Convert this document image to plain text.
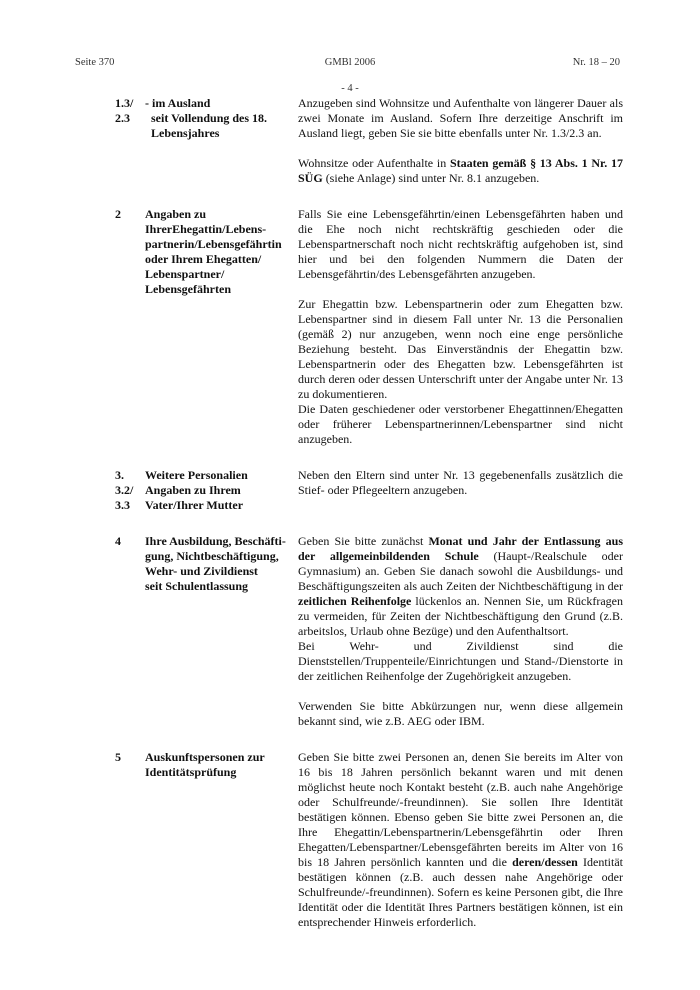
Seite 370	GMBl 2006	Nr. 18 – 20
- 4 -
1.3/
2.3
- im Ausland
seit Vollendung des 18.
Lebensjahres

Anzugeben sind Wohnsitze und Aufenthalte von längerer Dauer als zwei Monate im Ausland. Sofern Ihre derzeitige Anschrift im Ausland liegt, geben Sie sie bitte ebenfalls unter Nr. 1.3/2.3 an.

Wohnsitze oder Aufenthalte in Staaten gemäß § 13 Abs. 1 Nr. 17 SÜG (siehe Anlage) sind unter Nr. 8.1 anzugeben.

2	Angaben zu
IhrerEhegattin/Lebens-
partnerin/Lebensgefährtin
oder Ihrem Ehegatten/
Lebenspartner/
Lebensgefährten

Falls Sie eine Lebensgefährtin/einen Lebensgefährten haben und die Ehe noch nicht rechtskräftig geschieden oder die Lebenspartnerschaft noch nicht rechtskräftig aufgehoben ist, sind hier und bei den folgenden Nummern die Daten der Lebensgefährtin/des Lebensgefährten anzugeben.

Zur Ehegattin bzw. Lebenspartnerin oder zum Ehegatten bzw. Lebenspartner sind in diesem Fall unter Nr. 13 die Personalien (gemäß 2) nur anzugeben, wenn noch eine enge persönliche Beziehung besteht. Das Einverständnis der Ehegattin bzw. Lebenspartnerin oder des Ehegatten bzw. Lebensgefährten ist durch deren oder dessen Unterschrift unter der Angabe unter Nr. 13 zu dokumentieren.
Die Daten geschiedener oder verstorbener Ehegattinnen/Ehegatten oder früherer Lebenspartnerinnen/Lebenspartner sind nicht anzugeben.

3.
3.2/
3.3
Weitere Personalien
Angaben zu Ihrem
Vater/Ihrer Mutter

Neben den Eltern sind unter Nr. 13 gegebenenfalls zusätzlich die Stief- oder Pflegeeltern anzugeben.

4	Ihre Ausbildung, Beschäfti-
gung, Nichtbeschäftigung,
Wehr- und Zivildienst
seit Schulentlassung

Geben Sie bitte zunächst Monat und Jahr der Entlassung aus der allgemeinbildenden Schule (Haupt-/Realschule oder Gymnasium) an. Geben Sie danach sowohl die Ausbildungs- und Beschäftigungszeiten als auch Zeiten der Nichtbeschäftigung in der zeitlichen Reihenfolge lückenlos an. Nennen Sie, um Rückfragen zu vermeiden, für Zeiten der Nichtbeschäftigung den Grund (z.B. arbeitslos, Urlaub ohne Bezüge) und den Aufenthaltsort.
Bei Wehr- und Zivildienst sind die Dienststellen/Truppenteile/Einrichtungen und Stand-/Dienstorte in der zeitlichen Reihenfolge der Zugehörigkeit anzugeben.

Verwenden Sie bitte Abkürzungen nur, wenn diese allgemein bekannt sind, wie z.B. AEG oder IBM.

5	Auskunftspersonen zur
Identitätsprüfung

Geben Sie bitte zwei Personen an, denen Sie bereits im Alter von 16 bis 18 Jahren persönlich bekannt waren und mit denen möglichst heute noch Kontakt besteht (z.B. auch nahe Angehörige oder Schulfreunde/-freundinnen). Sie sollen Ihre Identität bestätigen können. Ebenso geben Sie bitte zwei Personen an, die Ihre Ehegattin/Lebenspartnerin/Lebensgefährtin oder Ihren Ehegatten/Lebenspartner/Lebensgefährten bereits im Alter von 16 bis 18 Jahren persönlich kannten und die deren/dessen Identität bestätigen können (z.B. auch dessen nahe Angehörige oder Schulfreunde/-freundinnen). Sofern es keine Personen gibt, die Ihre Identität oder die Identität Ihres Partners bestätigen können, ist ein entsprechender Hinweis erforderlich.
